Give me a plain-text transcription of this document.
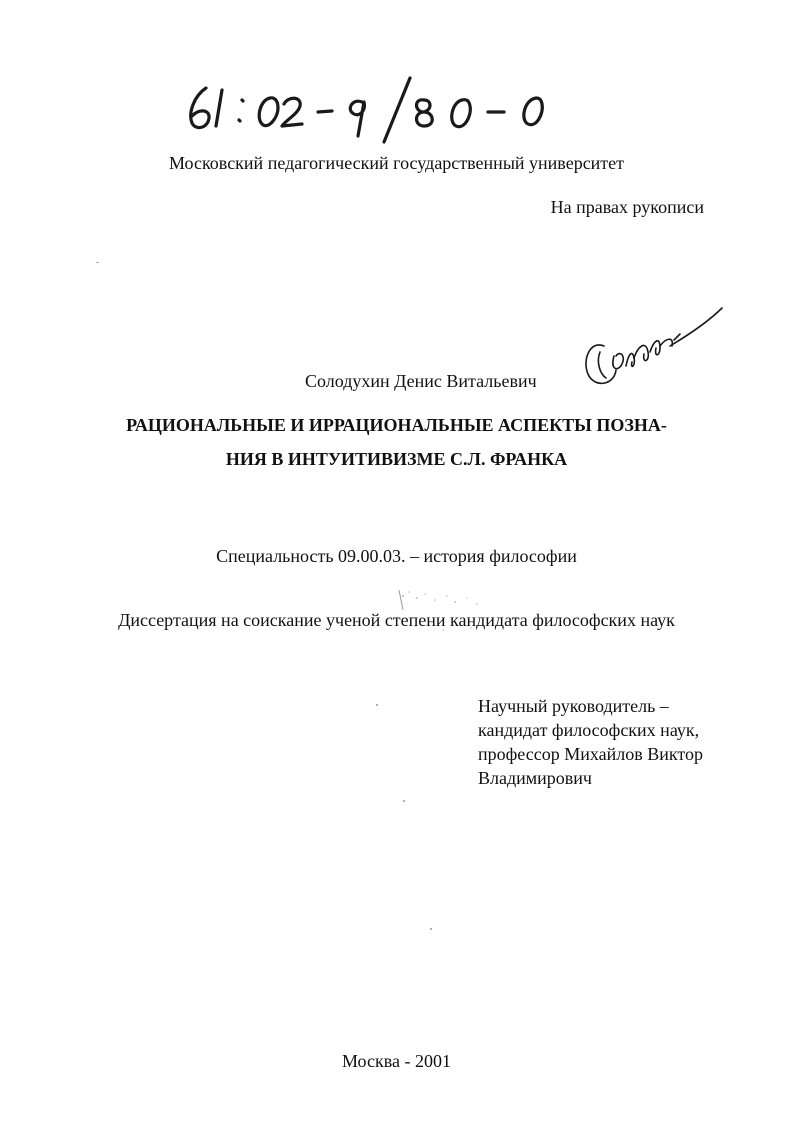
Московский педагогический государственный университет
На правах рукописи
Солодухин Денис Витальевич
РАЦИОНАЛЬНЫЕ И ИРРАЦИОНАЛЬНЫЕ АСПЕКТЫ ПОЗНА-
НИЯ В ИНТУИТИВИЗМЕ С.Л. ФРАНКА
Специальность 09.00.03. – история философии
Диссертация на соискание ученой степени кандидата философских наук
Научный руководитель –
кандидат философских наук,
профессор Михайлов Виктор
Владимирович
Москва - 2001
